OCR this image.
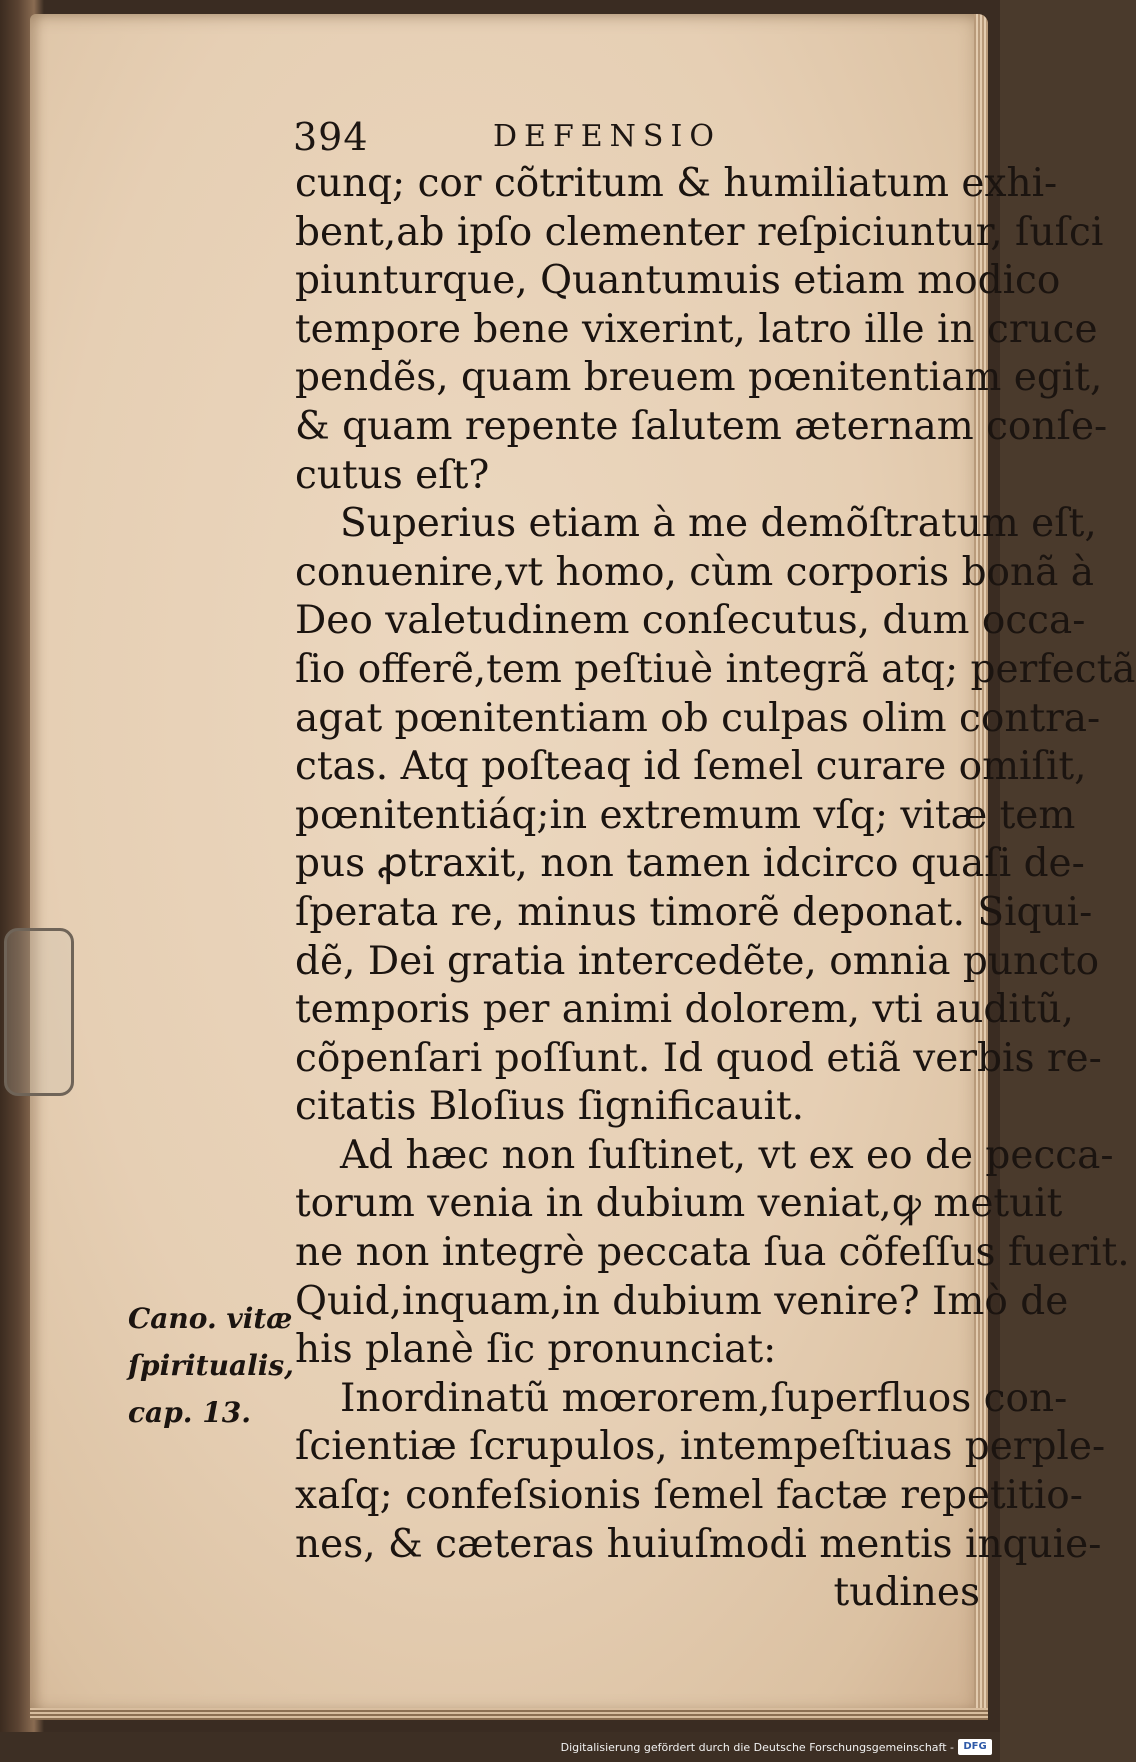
394	DEFENSIO
cunq; cor cõtritum & humiliatum exhi-
bent,ab ipſo clementer reſpiciuntur, ſuſci
piunturque, Quantumuis etiam modico
tempore bene vixerint, latro ille in cruce
pendẽs, quam breuem pœnitentiam egit,
& quam repente ſalutem æternam conſe-
cutus eſt?
Superius etiam à me demõſtratum eſt,
conuenire,vt homo, cùm corporis bonã à
Deo valetudinem conſecutus, dum occa-
ſio offerẽ,tem peſtiuè integrã atq; perfectã
agat pœnitentiam ob culpas olim contra-
ctas. Atq poſteaq id ſemel curare omiſit,
pœnitentiáq;in extremum vſq; vitæ tem
pus ꝓtraxit, non tamen idcirco quaſi de-
ſperata re, minus timorẽ deponat. Siqui-
dẽ, Dei gratia intercedẽte, omnia puncto
temporis per animi dolorem, vti auditũ,
cõpenſari poſſunt. Id quod etiã verbis re-
citatis Bloſius ſignificauit.
Ad hæc non ſuſtinet, vt ex eo de pecca-
torum venia in dubium veniat,ꝙ metuit
ne non integrè peccata ſua cõfeſſus fuerit.
Quid,inquam,in dubium venire? Imò de
his planè ſic pronunciat:
Inordinatũ mœrorem,ſuperfluos con-
ſcientiæ ſcrupulos, intempeſtiuas perple-
xaſq; confeſsionis ſemel factæ repetitio-
nes, & cæteras huiuſmodi mentis inquie-
tudines
Cano. vitæ
ſpiritualis,
cap. 13.
Digitalisierung gefördert durch die Deutsche Forschungsgemeinschaft - DFG
